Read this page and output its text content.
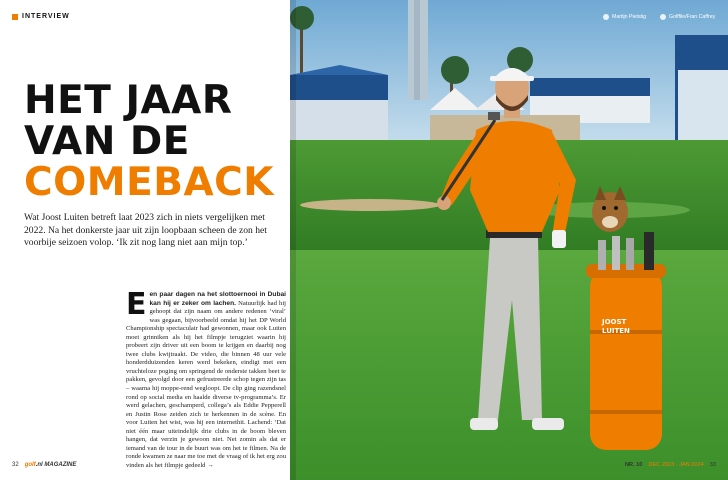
INTERVIEW
HET JAAR
VAN DE
COMEBACK

Wat Joost Luiten betreft laat 2023 zich in niets vergelijken met 2022. Na het donkerste jaar uit zijn loopbaan scheen de zon het voorbije seizoen volop. ‘Ik zit nog lang niet aan mijn top.’

Een paar dagen na het slottoernooi in Dubai kan hij er zeker om lachen. Natuurlijk had hij gehoopt dat zijn naam om andere redenen ‘viral’ was gegaan, bijvoorbeeld omdat hij het DP World Championship spectaculair had gewonnen, maar ook Luiten moet grinniken als hij het filmpje terugziet waarin hij probeert zijn driver uit een boom te krijgen en daarbij nog twee clubs kwijtraakt. De video, die binnen 48 uur vele honderdduizenden keren werd bekeken, eindigt met een vruchteloze poging om springend de onderste takken beet te pakken, gevolgd door een gefrustreerde schop tegen zijn tas – waarna hij moppe-rend wegloopt. De clip ging razendsnel rond op social media en haalde diverse tv-programma’s. Er werd gelachen, geschamperd, collega’s als Eddie Pepperell en Justin Rose zeiden zich te herkennen in de scène. En voor Luiten het wist, was hij een internethit. Lachend: ‘Dat niet één maar uiteindelijk drie clubs in de boom bleven hangen, dat verzin je gewoon niet. Net zomin als dat er iemand van de tour in de buurt was om het te filmen. Na de ronde kwamen ze naar me toe met de vraag of ik het erg zou vinden als het filmpje gedeeld →
32 golf.nl MAGAZINE
JOOST
LUITEN
Martijn Pietstig	Golffile/Fran Caffrey
NR. 10 DEC 2023 · JAN 2024 33
